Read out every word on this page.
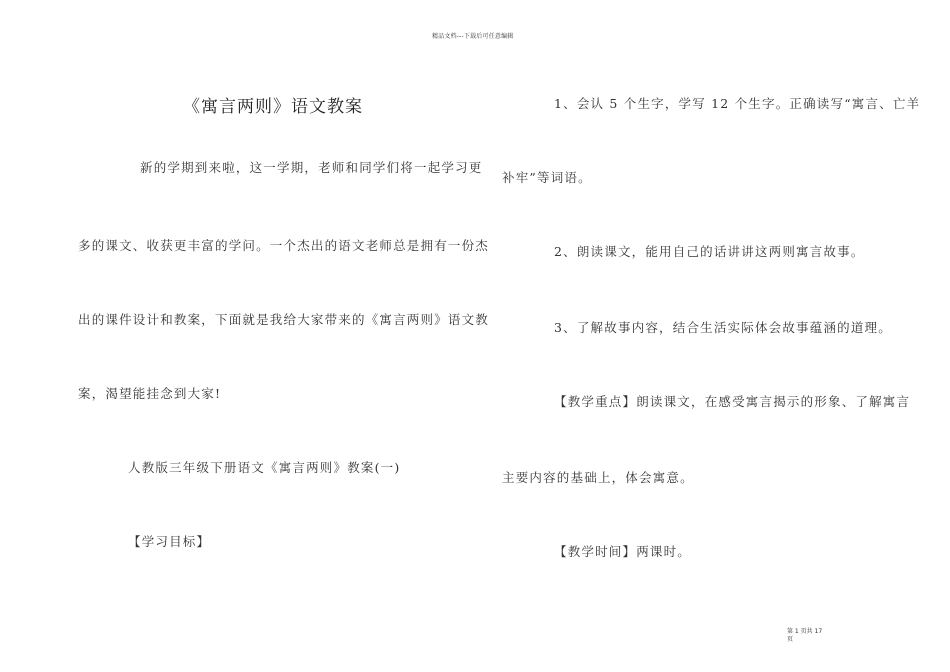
精品文档---下载后可任意编辑
《寓言两则》语文教案
新的学期到来啦，这一学期，老师和同学们将一起学习更
多的课文、收获更丰富的学问。一个杰出的语文老师总是拥有一份杰
出的课件设计和教案，下面就是我给大家带来的《寓言两则》语文教
案，渴望能挂念到大家!
人教版三年级下册语文《寓言两则》教案(一)
【学习目标】
1、会认 5 个生字，学写 12 个生字。正确读写“寓言、亡羊
补牢”等词语。
2、朗读课文，能用自己的话讲讲这两则寓言故事。
3、了解故事内容，结合生活实际体会故事蕴涵的道理。
【教学重点】朗读课文，在感受寓言揭示的形象、了解寓言
主要内容的基础上，体会寓意。
【教学时间】两课时。
第 1 页共 17
页
